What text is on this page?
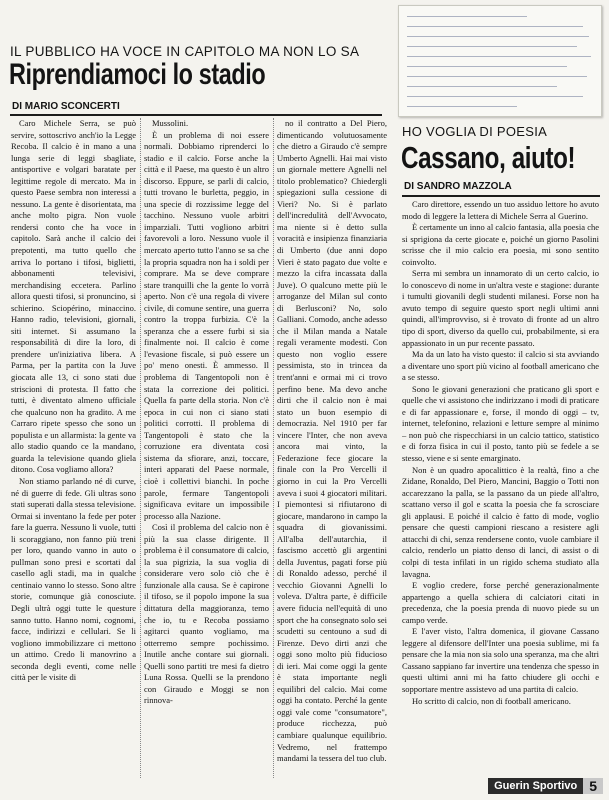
IL PUBBLICO HA VOCE IN CAPITOLO MA NON LO SA
Riprendiamoci lo stadio
DI MARIO SCONCERTI

Caro Michele Serra, se può servire, sottoscrivo anch'io la Legge Recoba. Il calcio è in mano a una lunga serie di leggi sbagliate, antisportive e volgari baratate per legittime regole di mercato. Ma in questo Paese sembra non interessi a nessuno. La gente è disorientata, ma anche molto pigra. Non vuole rendersi conto che ha voce in capitolo. Sarà anche il calcio dei prepotenti, ma tutto quello che arriva lo portano i tifosi, biglietti, abbonamenti televisivi, merchandising eccetera. Parlino allora questi tifosi, si pronuncino, si schierino. Sciopérino, minaccino. Hanno radio, televisioni, giornali, siti internet. Si assumano la responsabilità di dire la loro, di prendere un'iniziativa libera. A Parma, per la partita con la Juve giocata alle 13, ci sono stati due striscioni di protesta. Il fatto che tutti, è diventato almeno ufficiale che qualcuno non ha gradito. A me Carraro ripete spesso che sono un populista e un allarmista: la gente va allo stadio quando ce la mandano, guarda la televisione quando gliela ditono. Cosa vogliamo allora?

Non stiamo parlando né di curve, né di guerre di fede. Gli ultras sono stati superati dalla stessa televisione. Ormai si inventano la fede per poter fare la guerra. Nessuno li vuole, tutti li scoraggiano, non fanno più treni per loro, quando vanno in auto o pullman sono presi e scortati dal casello agli stadi, ma in qualche centinaio vanno lo stesso. Sono altre storie, comunque già conosciute. Degli ultrà oggi tutte le questure sanno tutto. Hanno nomi, cognomi, facce, indirizzi e cellulari. Se li vogliono immobilizzare ci mettono un attimo. Credo li manovrino a seconda degli eventi, come nelle città per le visite di

Mussolini.

È un problema di noi essere normali. Dobbiamo riprenderci lo stadio e il calcio. Forse anche la città e il Paese, ma questo è un altro discorso. Eppure, se parli di calcio, tutti trovano le burletta, peggio, in una specie di rozzissime legge del tacchino. Nessuno vuole arbitri imparziali. Tutti vogliono arbitri favorevoli a loro. Nessuno vuole il mercato aperto tutto l'anno se sa che la propria squadra non ha i soldi per comprare. Ma se deve comprare stare tranquilli che la gente lo vorrà aperto. Non c'è una regola di vivere civile, di comune sentire, una guerra contro la troppa furbizia. C'è la speranza che a essere furbi si sia finalmente noi. Il calcio è come l'evasione fiscale, si può essere un po' meno onesti. È ammesso. Il problema di Tangentopoli non è stata la correzione dei politici. Quella fa parte della storia. Non c'è epoca in cui non ci siano stati politici corrotti. Il problema di Tangentopoli è stato che la corruzione era diventata così sistema da sfiorare, anzi, toccare, interi apparati del Paese normale, cioè i collettivi bianchi. In poche parole, fermare Tangentopoli significava evitare un impossibile processo alla Nazione.

Così il problema del calcio non è più la sua classe dirigente. Il problema è il consumatore di calcio, la sua pigrizia, la sua voglia di considerare vero solo ciò che è funzionale alla causa. Se è capirone il tifoso, se il popolo impone la sua dittatura della maggioranza, temo che io, tu e Recoba possiamo agitarci quanto vogliamo, ma otterremo sempre pochissimo. Inutile anche contare sui giornali. Quelli sono partiti tre mesi fa dietro Luna Rossa. Quelli se la prendono con Giraudo e Moggi se non rinnova-

no il contratto a Del Piero, dimenticando volutuosamente che dietro a Giraudo c'è sempre Umberto Agnelli. Hai mai visto un giornale mettere Agnelli nel titolo problematico? Chiedergli spiegazioni sulla cessione di Vieri? No. Si è parlato dell'incredulità dell'Avvocato, ma niente si è detto sulla voracità e insipienza finanziaria di Umberto (due anni dopo Vieri è stato pagato due volte e mezzo la cifra incassata dalla Juve). O qualcuno mette più le arroganze del Milan sul conto di Berlusconi? No, solo Galliani. Comodo, anche adesso che il Milan manda a Natale regali veramente modesti. Con questo non voglio essere pessimista, sto in trincea da trent'anni e ormai mi ci trovo perfino bene. Ma devo anche dirti che il calcio non è mai stato un buon esempio di democrazia. Nel 1910 per far vincere l'Inter, che non aveva ancora mai vinto, la Federazione fece giocare la finale con la Pro Vercelli il giorno in cui la Pro Vercelli aveva i suoi 4 giocatori militari. I piemontesi si rifiutarono di giocare, mandarono in campo la squadra di giovanissimi. All'alba dell'autarchia, il fascismo accettò gli argentini della Juventus, pagati forse più di Ronaldo adesso, perché il vecchio Giovanni Agnelli lo voleva. D'altra parte, è difficile avere fiducia nell'equità di uno sport che ha consegnato solo sei scudetti su centouno a sud di Firenze. Devo dirti anzi che oggi sono molto più fiducioso di ieri. Mai come oggi la gente è stata importante negli equilibri del calcio. Mai come oggi ha contato. Perché la gente oggi vale come "consumatore", produce ricchezza, può cambiare qualunque equilibrio. Vedremo, nel frattempo mandami la tessera del tuo club.

HO VOGLIA DI POESIA
Cassano, aiuto!
DI SANDRO MAZZOLA

Caro direttore, essendo un tuo assiduo lettore ho avuto modo di leggere la lettera di Michele Serra al Guerino.

È certamente un inno al calcio fantasia, alla poesia che si sprigiona da certe giocate e, poiché un giorno Pasolini scrisse che il mio calcio era poesia, mi sono sentito coinvolto.

Serra mi sembra un innamorato di un certo calcio, io lo conoscevo di nome in un'altra veste e stagione: durante i tumulti giovanili degli studenti milanesi. Forse non ha avuto tempo di seguire questo sport negli ultimi anni quindi, all'improvviso, si è trovato di fronte ad un altro tipo di sport, diverso da quello cui, probabilmente, si era appassionato in un pur recente passato.

Ma da un lato ha visto questo: il calcio si sta avviando a diventare uno sport più vicino al football americano che a se stesso.

Sono le giovani generazioni che praticano gli sport e quelle che vi assistono che indirizzano i modi di praticare e di far appassionare e, forse, il mondo di oggi – tv, internet, telefonino, relazioni e letture sempre al minimo – non può che rispecchiarsi in un calcio tattico, statistico e di forza fisica in cui il posto, tanto più se fedele a se stesso, viene e si sente emarginato.

Non è un quadro apocalittico è la realtà, fino a che Zidane, Ronaldo, Del Piero, Mancini, Baggio o Totti non accarezzano la palla, se la passano da un piede all'altro, scattano verso il gol e scatta la poesia che fa scrosciare gli applausi. E poiché il calcio è fatto di mode, voglio pensare che questi campioni riescano a resistere agli attacchi di chi, senza rendersene conto, vuole cambiare il calcio, renderlo un piatto denso di lanci, di assist o di colpi di testa infilati in un rigido schema studiato alla lavagna.

E voglio credere, forse perché generazionalmente appartengo a quella schiera di calciatori citati in precedenza, che la poesia prenda di nuovo piede su un campo verde.

E l'aver visto, l'altra domenica, il giovane Cassano leggere al difensore dell'Inter una poesia sublime, mi fa pensare che la mia non sia solo una speranza, ma che altri Cassano sappiano far invertire una tendenza che spesso in questi ultimi anni mi ha fatto chiudere gli occhi e sopportare mentre assistevo ad una partita di calcio.

Ho scritto di calcio, non di football americano.

Guerin Sportivo 5
